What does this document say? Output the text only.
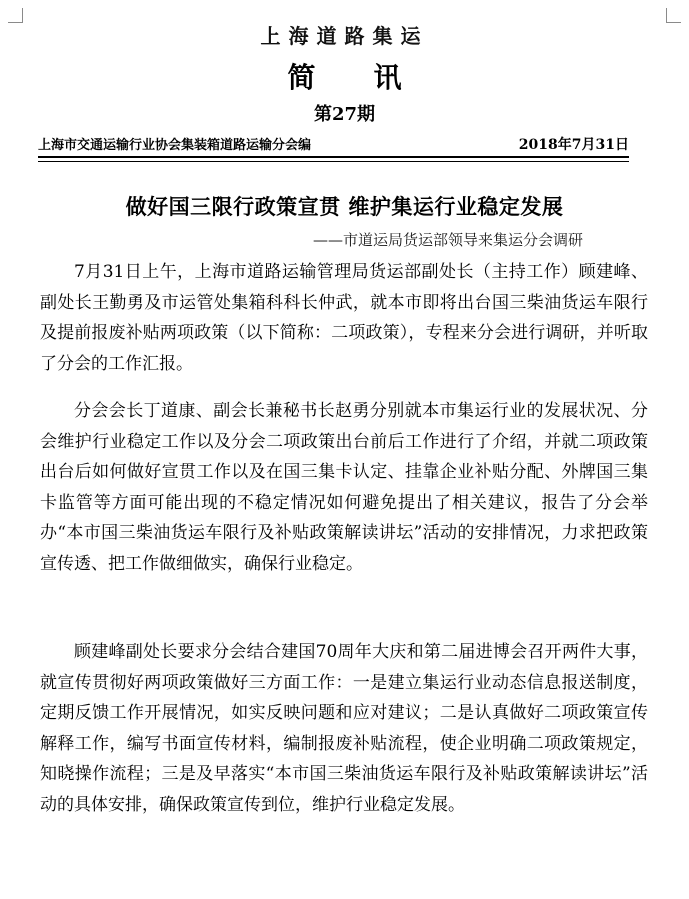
上海道路集运
简讯
第27期
上海市交通运输行业协会集装箱道路运输分会编	2018年7月31日
做好国三限行政策宣贯 维护集运行业稳定发展
——市道运局货运部领导来集运分会调研

7月31日上午，上海市道路运输管理局货运部副处长（主持工作）顾建峰、副处长王勤勇及市运管处集箱科科长仲武，就本市即将出台国三柴油货运车限行及提前报废补贴两项政策（以下简称：二项政策），专程来分会进行调研，并听取了分会的工作汇报。

分会会长丁道康、副会长兼秘书长赵勇分别就本市集运行业的发展状况、分会维护行业稳定工作以及分会二项政策出台前后工作进行了介绍，并就二项政策出台后如何做好宣贯工作以及在国三集卡认定、挂靠企业补贴分配、外牌国三集卡监管等方面可能出现的不稳定情况如何避免提出了相关建议，报告了分会举办“本市国三柴油货运车限行及补贴政策解读讲坛”活动的安排情况，力求把政策宣传透、把工作做细做实，确保行业稳定。

顾建峰副处长要求分会结合建国70周年大庆和第二届进博会召开两件大事，就宣传贯彻好两项政策做好三方面工作：一是建立集运行业动态信息报送制度，定期反馈工作开展情况，如实反映问题和应对建议；二是认真做好二项政策宣传解释工作，编写书面宣传材料，编制报废补贴流程，使企业明确二项政策规定，知晓操作流程；三是及早落实“本市国三柴油货运车限行及补贴政策解读讲坛”活动的具体安排，确保政策宣传到位，维护行业稳定发展。
